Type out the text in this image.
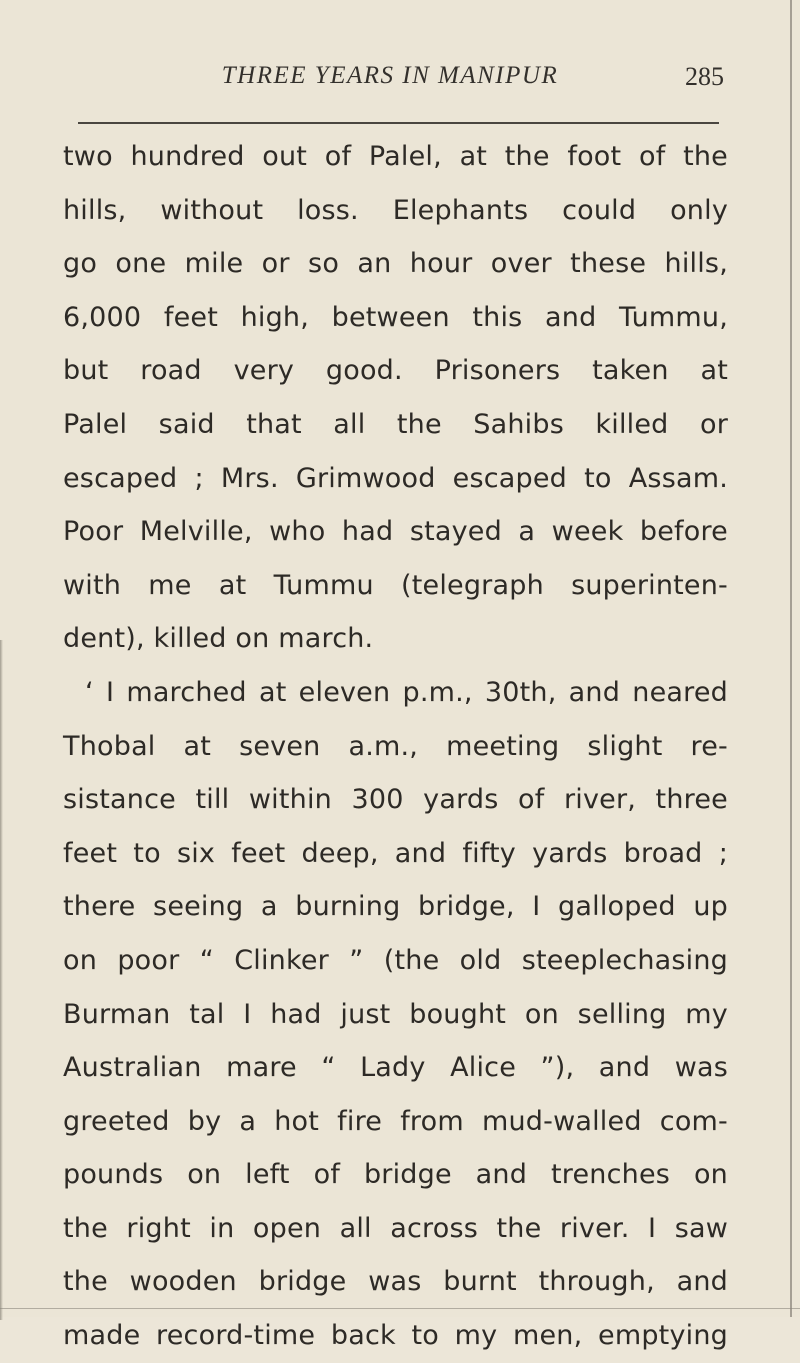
THREE YEARS IN MANIPUR	285
two hundred out of Palel, at the foot of the
hills, without loss. Elephants could only
go one mile or so an hour over these hills,
6,000 feet high, between this and Tummu,
but road very good. Prisoners taken at
Palel said that all the Sahibs killed or
escaped ; Mrs. Grimwood escaped to Assam.
Poor Melville, who had stayed a week before
with me at Tummu (telegraph superinten-
dent), killed on march.
‘ I marched at eleven p.m., 30th, and neared
Thobal at seven a.m., meeting slight re-
sistance till within 300 yards of river, three
feet to six feet deep, and fifty yards broad ;
there seeing a burning bridge, I galloped up
on poor “ Clinker ” (the old steeplechasing
Burman tal I had just bought on selling my
Australian mare “ Lady Alice ”), and was
greeted by a hot fire from mud-walled com-
pounds on left of bridge and trenches on
the right in open all across the river. I saw
the wooden bridge was burnt through, and
made record-time back to my men, emptying
